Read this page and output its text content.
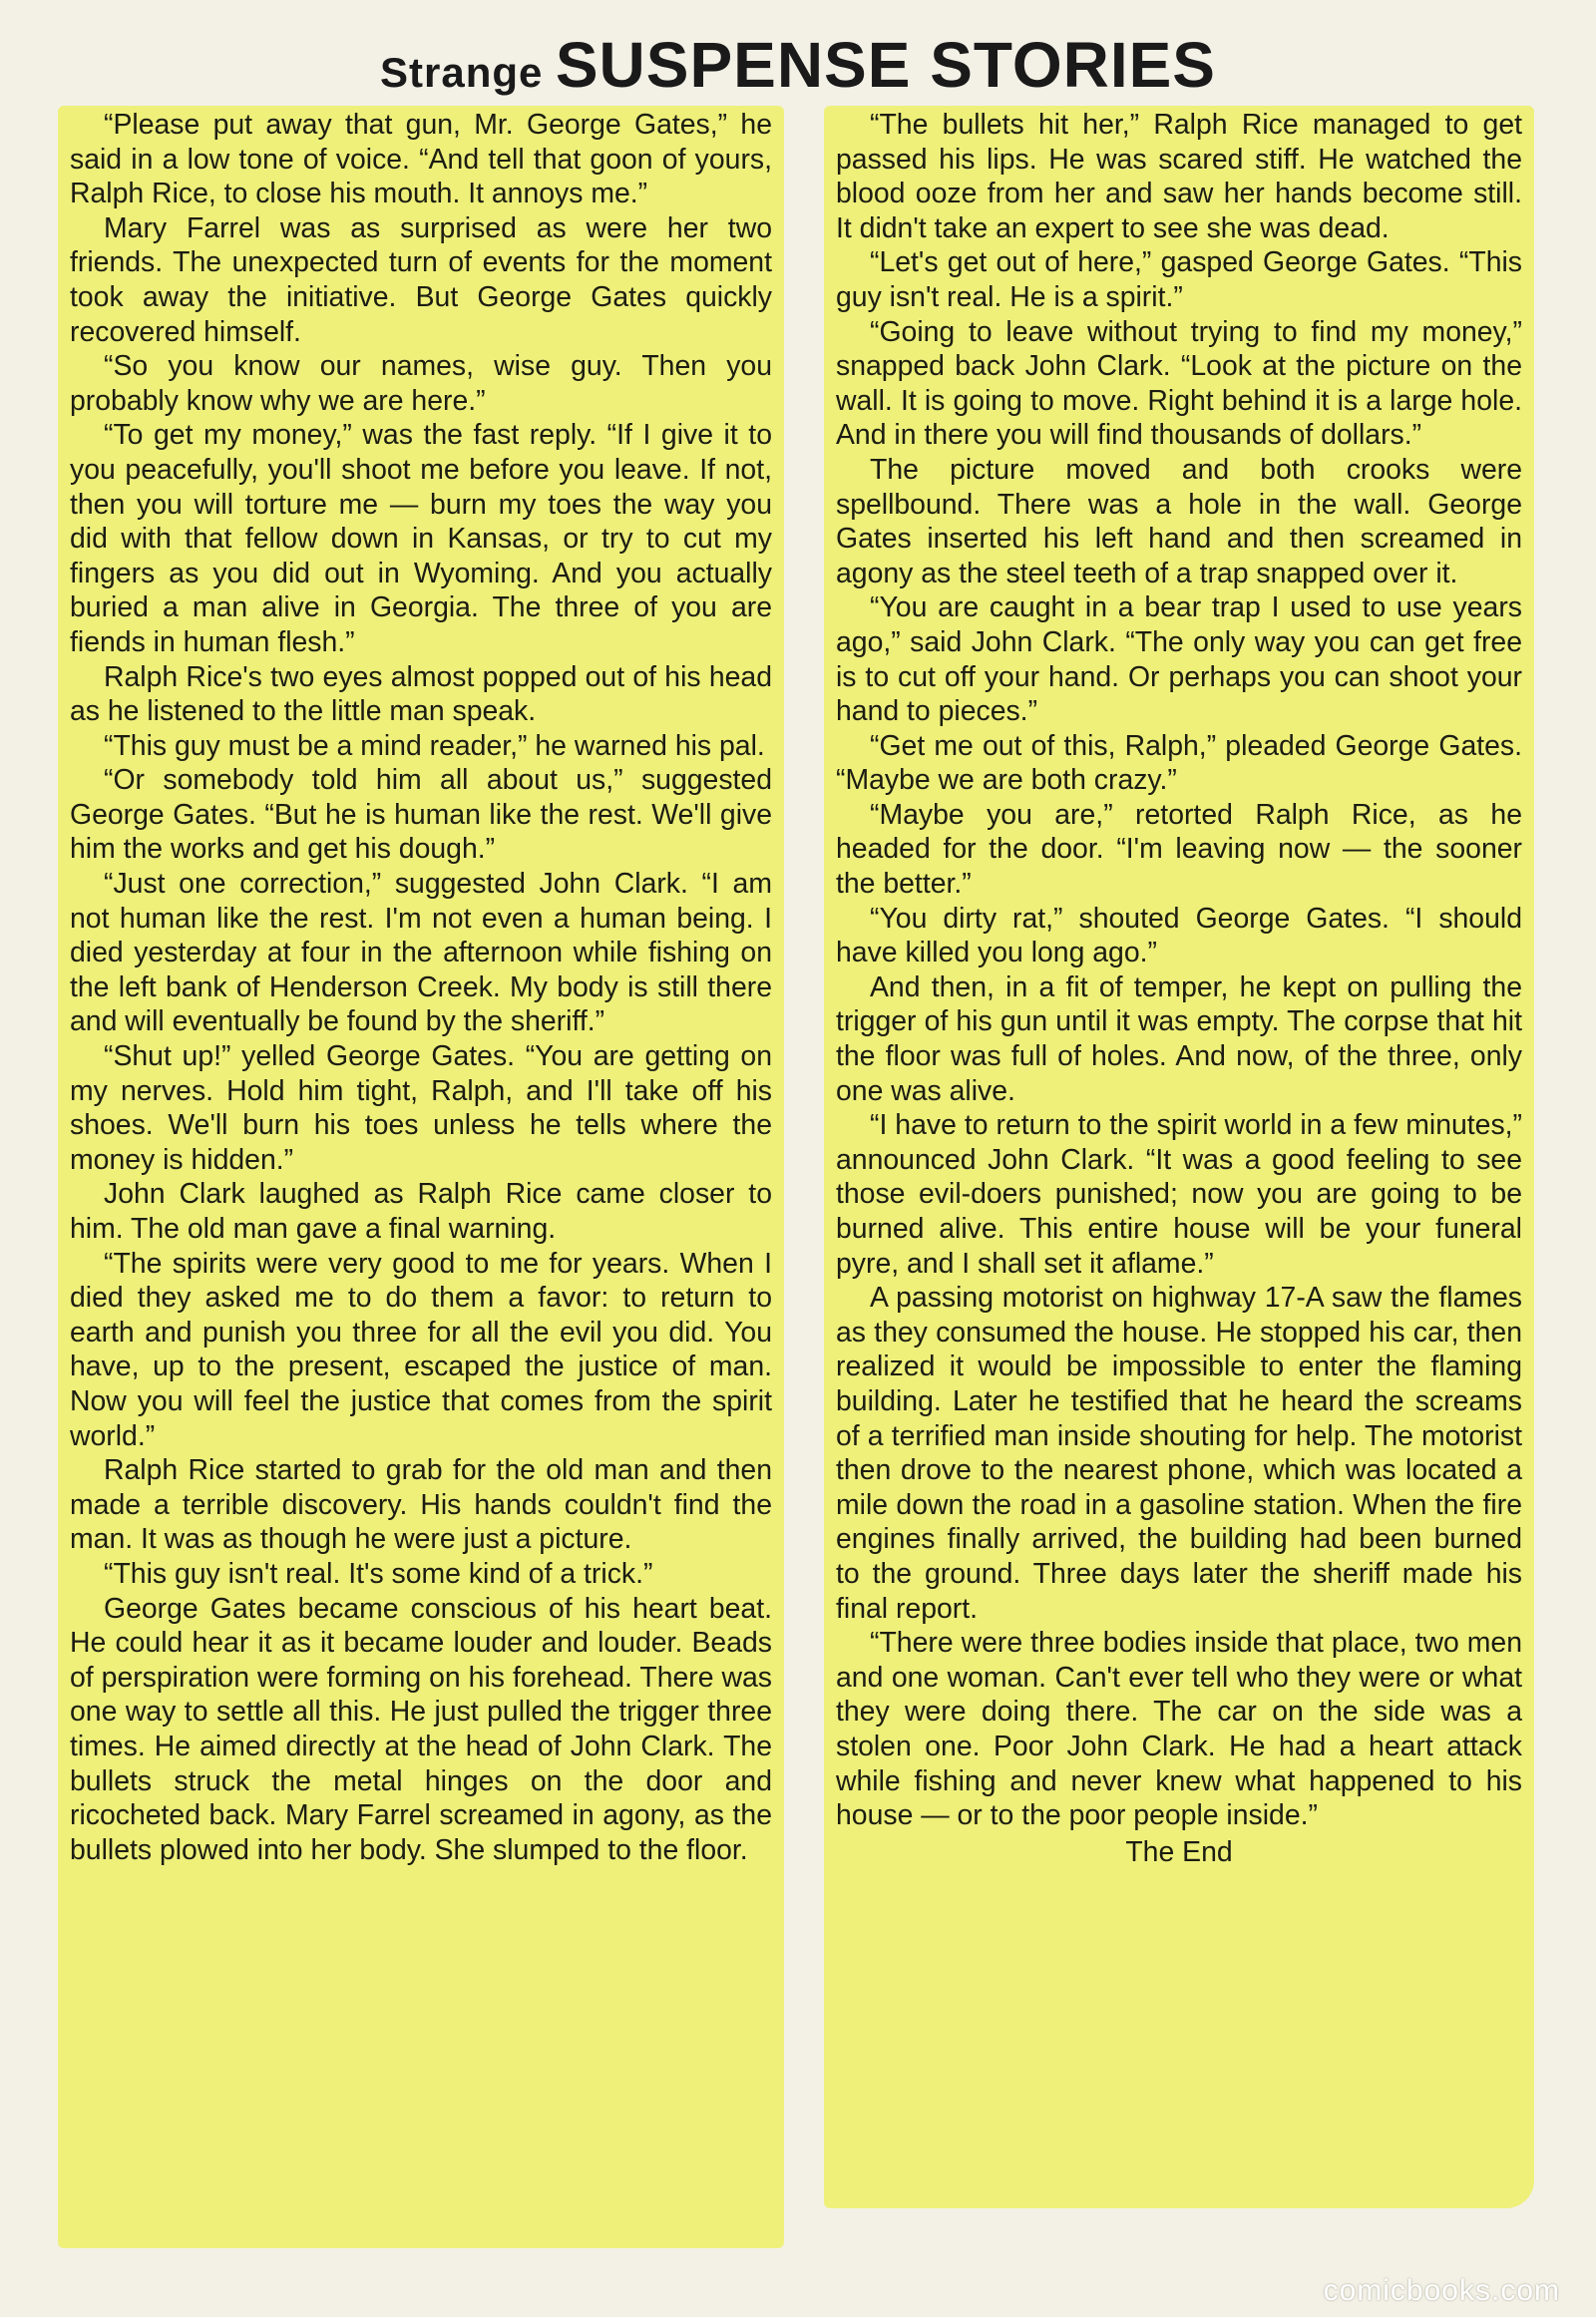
Strange SUSPENSE STORIES

“Please put away that gun, Mr. George Gates,” he said in a low tone of voice. “And tell that goon of yours, Ralph Rice, to close his mouth. It annoys me.”

Mary Farrel was as surprised as were her two friends. The unexpected turn of events for the moment took away the initiative. But George Gates quickly recovered himself.

“So you know our names, wise guy. Then you probably know why we are here.”

“To get my money,” was the fast reply. “If I give it to you peacefully, you'll shoot me before you leave. If not, then you will torture me — burn my toes the way you did with that fellow down in Kansas, or try to cut my fingers as you did out in Wyoming. And you actually buried a man alive in Georgia. The three of you are fiends in human flesh.”

Ralph Rice's two eyes almost popped out of his head as he listened to the little man speak.

“This guy must be a mind reader,” he warned his pal.

“Or somebody told him all about us,” suggested George Gates. “But he is human like the rest. We'll give him the works and get his dough.”

“Just one correction,” suggested John Clark. “I am not human like the rest. I'm not even a human being. I died yesterday at four in the afternoon while fishing on the left bank of Henderson Creek. My body is still there and will eventually be found by the sheriff.”

“Shut up!” yelled George Gates. “You are getting on my nerves. Hold him tight, Ralph, and I'll take off his shoes. We'll burn his toes unless he tells where the money is hidden.”

John Clark laughed as Ralph Rice came closer to him. The old man gave a final warning.

“The spirits were very good to me for years. When I died they asked me to do them a favor: to return to earth and punish you three for all the evil you did. You have, up to the present, escaped the justice of man. Now you will feel the justice that comes from the spirit world.”

Ralph Rice started to grab for the old man and then made a terrible discovery. His hands couldn't find the man. It was as though he were just a picture.

“This guy isn't real. It's some kind of a trick.”

George Gates became conscious of his heart beat. He could hear it as it became louder and louder. Beads of perspiration were forming on his forehead. There was one way to settle all this. He just pulled the trigger three times. He aimed directly at the head of John Clark. The bullets struck the metal hinges on the door and ricocheted back. Mary Farrel screamed in agony, as the bullets plowed into her body. She slumped to the floor.

“The bullets hit her,” Ralph Rice managed to get passed his lips. He was scared stiff. He watched the blood ooze from her and saw her hands become still. It didn't take an expert to see she was dead.

“Let's get out of here,” gasped George Gates. “This guy isn't real. He is a spirit.”

“Going to leave without trying to find my money,” snapped back John Clark. “Look at the picture on the wall. It is going to move. Right behind it is a large hole. And in there you will find thousands of dollars.”

The picture moved and both crooks were spellbound. There was a hole in the wall. George Gates inserted his left hand and then screamed in agony as the steel teeth of a trap snapped over it.

“You are caught in a bear trap I used to use years ago,” said John Clark. “The only way you can get free is to cut off your hand. Or perhaps you can shoot your hand to pieces.”

“Get me out of this, Ralph,” pleaded George Gates. “Maybe we are both crazy.”

“Maybe you are,” retorted Ralph Rice, as he headed for the door. “I'm leaving now — the sooner the better.”

“You dirty rat,” shouted George Gates. “I should have killed you long ago.”

And then, in a fit of temper, he kept on pulling the trigger of his gun until it was empty. The corpse that hit the floor was full of holes. And now, of the three, only one was alive.

“I have to return to the spirit world in a few minutes,” announced John Clark. “It was a good feeling to see those evil-doers punished; now you are going to be burned alive. This entire house will be your funeral pyre, and I shall set it aflame.”

A passing motorist on highway 17-A saw the flames as they consumed the house. He stopped his car, then realized it would be impossible to enter the flaming building. Later he testified that he heard the screams of a terrified man inside shouting for help. The motorist then drove to the nearest phone, which was located a mile down the road in a gasoline station. When the fire engines finally arrived, the building had been burned to the ground. Three days later the sheriff made his final report.

“There were three bodies inside that place, two men and one woman. Can't ever tell who they were or what they were doing there. The car on the side was a stolen one. Poor John Clark. He had a heart attack while fishing and never knew what happened to his house — or to the poor people inside.”

The End

comicbooks.com
